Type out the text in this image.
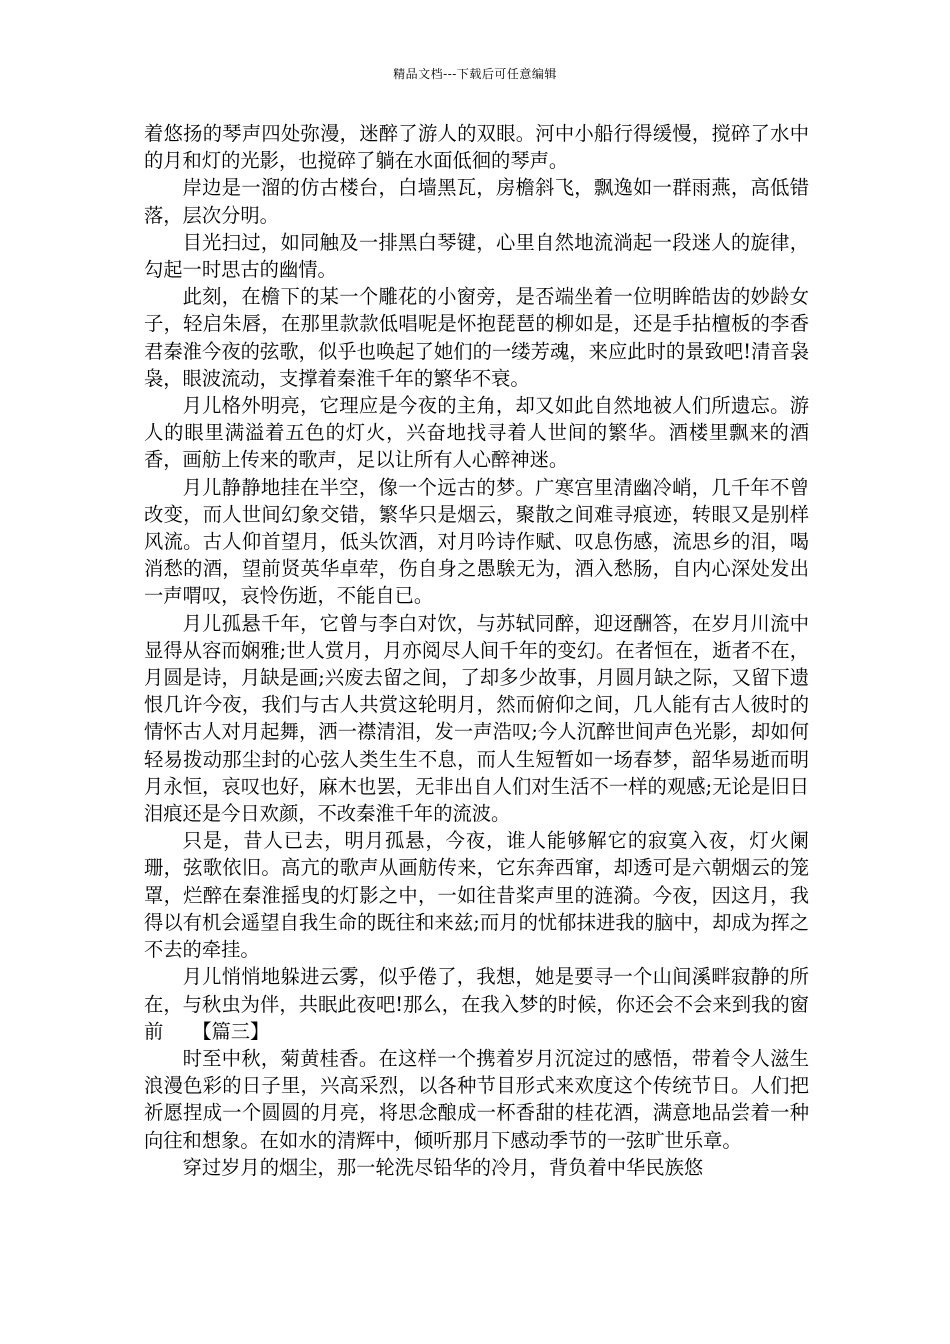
精品文档---下载后可任意编辑

着悠扬的琴声四处弥漫，迷醉了游人的双眼。河中小船行得缓慢，搅碎了水中的月和灯的光影，也搅碎了躺在水面低徊的琴声。

岸边是一溜的仿古楼台，白墙黑瓦，房檐斜飞，飘逸如一群雨燕，高低错落，层次分明。

目光扫过，如同触及一排黑白琴键，心里自然地流淌起一段迷人的旋律，勾起一时思古的幽情。

此刻，在檐下的某一个雕花的小窗旁，是否端坐着一位明眸皓齿的妙龄女子，轻启朱唇，在那里款款低唱呢是怀抱琵琶的柳如是，还是手拈檀板的李香君秦淮今夜的弦歌，似乎也唤起了她们的一缕芳魂，来应此时的景致吧!清音袅袅，眼波流动，支撑着秦淮千年的繁华不衰。

月儿格外明亮，它理应是今夜的主角，却又如此自然地被人们所遗忘。游人的眼里满溢着五色的灯火，兴奋地找寻着人世间的繁华。酒楼里飘来的酒香，画舫上传来的歌声，足以让所有人心醉神迷。

月儿静静地挂在半空，像一个远古的梦。广寒宫里清幽冷峭，几千年不曾改变，而人世间幻象交错，繁华只是烟云，聚散之间难寻痕迹，转眼又是别样风流。古人仰首望月，低头饮酒，对月吟诗作赋、叹息伤感，流思乡的泪，喝消愁的酒，望前贤英华卓荦，伤自身之愚騃无为，酒入愁肠，自内心深处发出一声喟叹，哀怜伤逝，不能自已。

月儿孤悬千年，它曾与李白对饮，与苏轼同醉，迎迓酬答，在岁月川流中显得从容而娴雅;世人赏月，月亦阅尽人间千年的变幻。在者恒在，逝者不在，月圆是诗，月缺是画;兴废去留之间，了却多少故事，月圆月缺之际，又留下遗恨几许今夜，我们与古人共赏这轮明月，然而俯仰之间，几人能有古人彼时的情怀古人对月起舞，洒一襟清泪，发一声浩叹;今人沉醉世间声色光影，却如何轻易拨动那尘封的心弦人类生生不息，而人生短暂如一场春梦，韶华易逝而明月永恒，哀叹也好，麻木也罢，无非出自人们对生活不一样的观感;无论是旧日泪痕还是今日欢颜，不改秦淮千年的流波。

只是，昔人已去，明月孤悬，今夜，谁人能够解它的寂寞入夜，灯火阑珊，弦歌依旧。高亢的歌声从画舫传来，它东奔西窜，却透可是六朝烟云的笼罩，烂醉在秦淮摇曳的灯影之中，一如往昔桨声里的涟漪。今夜，因这月，我得以有机会遥望自我生命的既往和来兹;而月的忧郁抹进我的脑中，却成为挥之不去的牵挂。

月儿悄悄地躲进云雾，似乎倦了，我想，她是要寻一个山间溪畔寂静的所在，与秋虫为伴，共眠此夜吧!那么，在我入梦的时候，你还会不会来到我的窗前　　【篇三】

时至中秋，菊黄桂香。在这样一个携着岁月沉淀过的感悟，带着令人滋生浪漫色彩的日子里，兴高采烈，以各种节目形式来欢度这个传统节日。人们把祈愿捏成一个圆圆的月亮，将思念酿成一杯香甜的桂花酒，满意地品尝着一种向往和想象。在如水的清辉中，倾听那月下感动季节的一弦旷世乐章。

穿过岁月的烟尘，那一轮洗尽铅华的冷月，背负着中华民族悠
